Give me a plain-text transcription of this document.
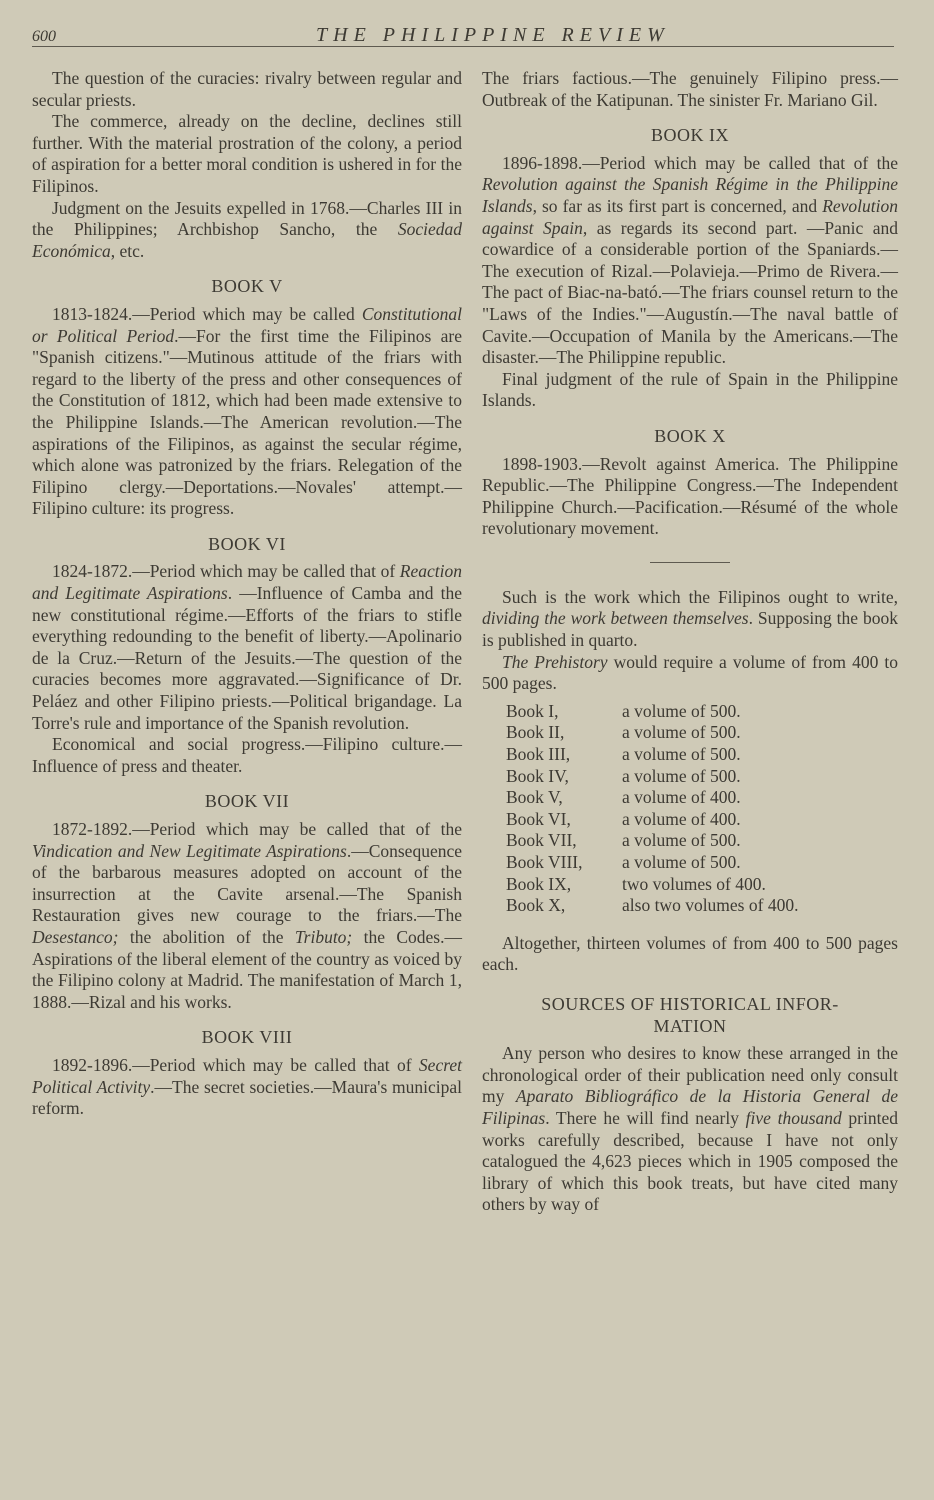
600	THE PHILIPPINE REVIEW

The question of the curacies: rivalry between regular and secular priests.

The commerce, already on the decline, declines still further. With the material prostration of the colony, a period of aspiration for a better moral condition is ushered in for the Filipinos.

Judgment on the Jesuits expelled in 1768.—Charles III in the Philippines; Archbishop Sancho, the Sociedad Económica, etc.

BOOK V

1813-1824.—Period which may be called Constitutional or Political Period.—For the first time the Filipinos are "Spanish citizens."—Mutinous attitude of the friars with regard to the liberty of the press and other consequences of the Constitution of 1812, which had been made extensive to the Philippine Islands.—The American revolution.—The aspirations of the Filipinos, as against the secular régime, which alone was patronized by the friars. Relegation of the Filipino clergy.—Deportations.—Novales' attempt.—Filipino culture: its progress.

BOOK VI

1824-1872.—Period which may be called that of Reaction and Legitimate Aspirations. —Influence of Camba and the new constitutional régime.—Efforts of the friars to stifle everything redounding to the benefit of liberty.—Apolinario de la Cruz.—Return of the Jesuits.—The question of the curacies becomes more aggravated.—Significance of Dr. Peláez and other Filipino priests.—Political brigandage. La Torre's rule and importance of the Spanish revolution.

Economical and social progress.—Filipino culture.—Influence of press and theater.

BOOK VII

1872-1892.—Period which may be called that of the Vindication and New Legitimate Aspirations.—Consequence of the barbarous measures adopted on account of the insurrection at the Cavite arsenal.—The Spanish Restauration gives new courage to the friars.—The Desestanco; the abolition of the Tributo; the Codes.—Aspirations of the liberal element of the country as voiced by the Filipino colony at Madrid. The manifestation of March 1, 1888.—Rizal and his works.

BOOK VIII

1892-1896.—Period which may be called that of Secret Political Activity.—The secret societies.—Maura's municipal reform.

The friars factious.—The genuinely Filipino press.—Outbreak of the Katipunan. The sinister Fr. Mariano Gil.

BOOK IX

1896-1898.—Period which may be called that of the Revolution against the Spanish Régime in the Philippine Islands, so far as its first part is concerned, and Revolution against Spain, as regards its second part. —Panic and cowardice of a considerable portion of the Spaniards.—The execution of Rizal.—Polavieja.—Primo de Rivera.—The pact of Biac-na-bató.—The friars counsel return to the "Laws of the Indies."—Augustín.—The naval battle of Cavite.—Occupation of Manila by the Americans.—The disaster.—The Philippine republic.

Final judgment of the rule of Spain in the Philippine Islands.

BOOK X

1898-1903.—Revolt against America. The Philippine Republic.—The Philippine Congress.—The Independent Philippine Church.—Pacification.—Résumé of the whole revolutionary movement.

Such is the work which the Filipinos ought to write, dividing the work between themselves. Supposing the book is published in quarto.

The Prehistory would require a volume of from 400 to 500 pages.

Book I,	a volume of 500.
Book II,	a volume of 500.
Book III,	a volume of 500.
Book IV,	a volume of 500.
Book V,	a volume of 400.
Book VI,	a volume of 400.
Book VII,	a volume of 500.
Book VIII,	a volume of 500.
Book IX,	two volumes of 400.
Book X,	also two volumes of 400.

Altogether, thirteen volumes of from 400 to 500 pages each.

SOURCES OF HISTORICAL INFOR-
MATION

Any person who desires to know these arranged in the chronological order of their publication need only consult my Aparato Bibliográfico de la Historia General de Filipinas. There he will find nearly five thousand printed works carefully described, because I have not only catalogued the 4,623 pieces which in 1905 composed the library of which this book treats, but have cited many others by way of
